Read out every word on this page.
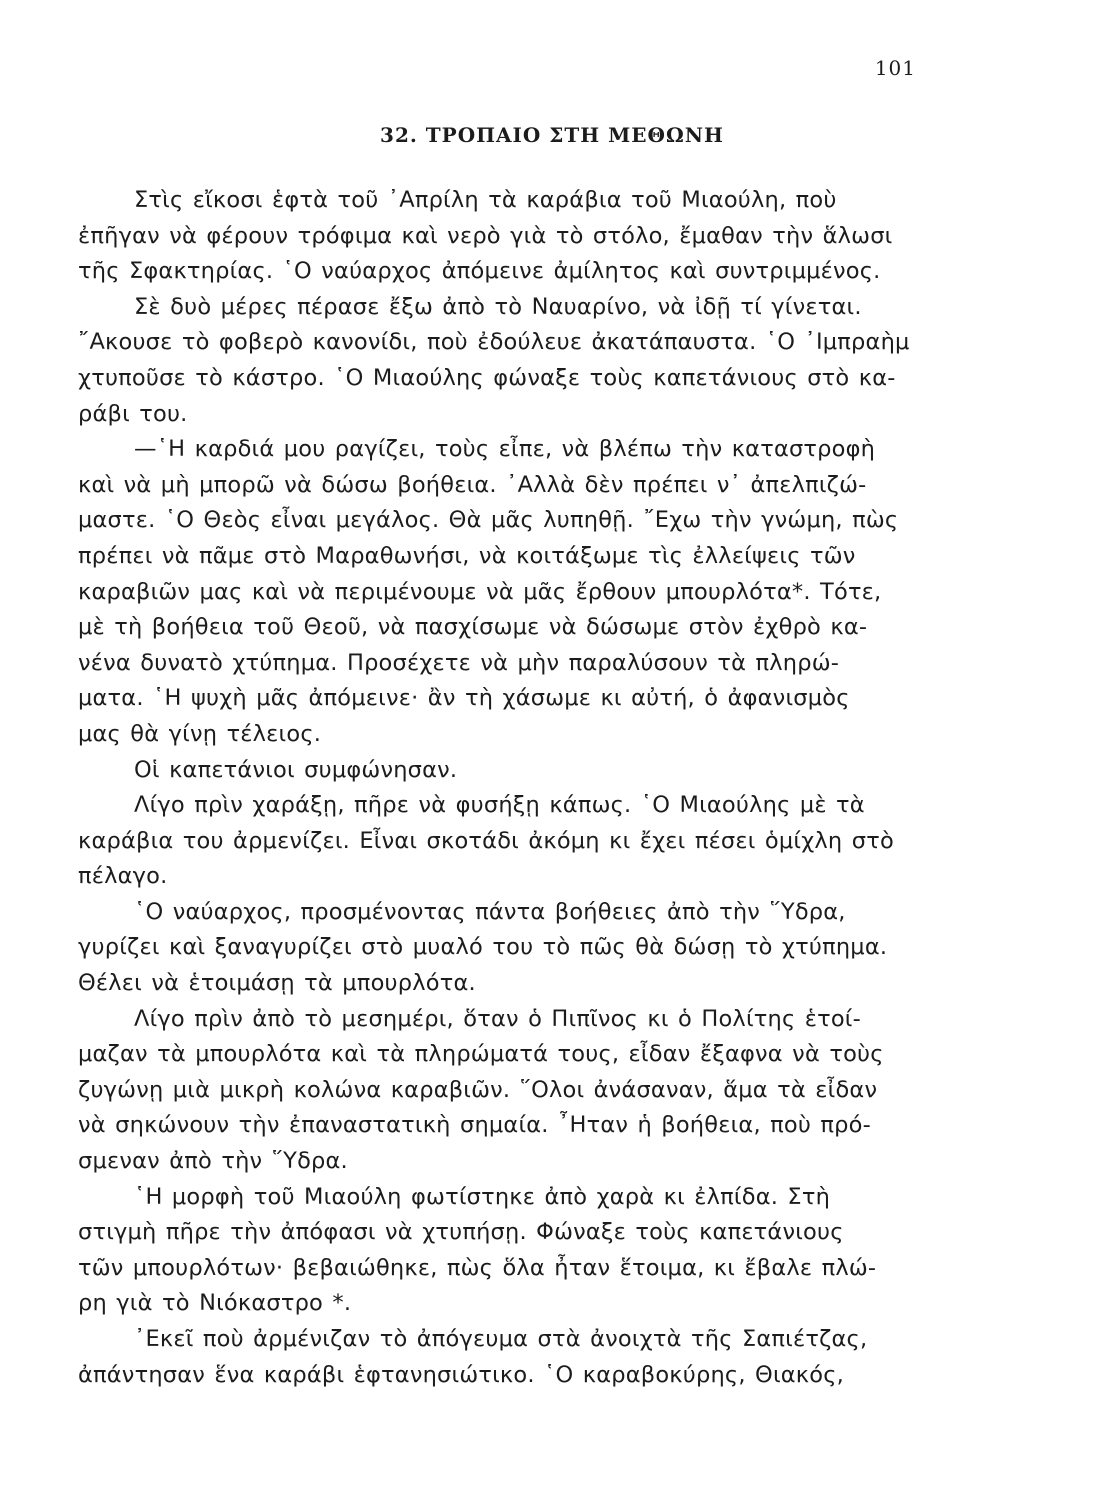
101
32. ΤΡΟΠΑΙΟ ΣΤΗ ΜΕΘΩΝΗ
Στὶς εἴκοσι ἑφτὰ τοῦ ᾽Απρίλη τὰ καράβια τοῦ Μιαούλη, ποὺ
ἐπῆγαν νὰ φέρουν τρόφιμα καὶ νερὸ γιὰ τὸ στόλο, ἔμαθαν τὴν ἅλωσι
τῆς Σφακτηρίας. ῾Ο ναύαρχος ἀπόμεινε ἀμίλητος καὶ συντριμμένος.
Σὲ δυὸ μέρες πέρασε ἔξω ἀπὸ τὸ Ναυαρίνο, νὰ ἰδῇ τί γίνεται.
῎Ακουσε τὸ φοβερὸ κανονίδι, ποὺ ἐδούλευε ἀκατάπαυστα. ῾Ο ᾽Ιμπραὴμ
χτυποῦσε τὸ κάστρο. ῾Ο Μιαούλης φώναξε τοὺς καπετάνιους στὸ κα-
ράβι του.
—῾Η καρδιά μου ραγίζει, τοὺς εἶπε, νὰ βλέπω τὴν καταστροφὴ
καὶ νὰ μὴ μπορῶ νὰ δώσω βοήθεια. ᾽Αλλὰ δὲν πρέπει ν᾽ ἀπελπιζώ-
μαστε. ῾Ο Θεὸς εἶναι μεγάλος. Θὰ μᾶς λυπηθῇ. ῎Εχω τὴν γνώμη, πὼς
πρέπει νὰ πᾶμε στὸ Μαραθωνήσι, νὰ κοιτάξωμε τὶς ἐλλείψεις τῶν
καραβιῶν μας καὶ νὰ περιμένουμε νὰ μᾶς ἔρθουν μπουρλότα*. Τότε,
μὲ τὴ βοήθεια τοῦ Θεοῦ, νὰ πασχίσωμε νὰ δώσωμε στὸν ἐχθρὸ κα-
νένα δυνατὸ χτύπημα. Προσέχετε νὰ μὴν παραλύσουν τὰ πληρώ-
ματα. ῾Η ψυχὴ μᾶς ἀπόμεινε· ἂν τὴ χάσωμε κι αὐτή, ὁ ἀφανισμὸς
μας θὰ γίνῃ τέλειος.
Οἱ καπετάνιοι συμφώνησαν.
Λίγο πρὶν χαράξῃ, πῆρε νὰ φυσήξῃ κάπως. ῾Ο Μιαούλης μὲ τὰ
καράβια του ἀρμενίζει. Εἶναι σκοτάδι ἀκόμη κι ἔχει πέσει ὁμίχλη στὸ
πέλαγο.
῾Ο ναύαρχος, προσμένοντας πάντα βοήθειες ἀπὸ τὴν ῞Υδρα,
γυρίζει καὶ ξαναγυρίζει στὸ μυαλό του τὸ πῶς θὰ δώσῃ τὸ χτύπημα.
Θέλει νὰ ἑτοιμάσῃ τὰ μπουρλότα.
Λίγο πρὶν ἀπὸ τὸ μεσημέρι, ὅταν ὁ Πιπῖνος κι ὁ Πολίτης ἑτοί-
μαζαν τὰ μπουρλότα καὶ τὰ πληρώματά τους, εἶδαν ἔξαφνα νὰ τοὺς
ζυγώνῃ μιὰ μικρὴ κολώνα καραβιῶν. ῞Ολοι ἀνάσαναν, ἅμα τὰ εἶδαν
νὰ σηκώνουν τὴν ἐπαναστατικὴ σημαία. ῏Ηταν ἡ βοήθεια, ποὺ πρό-
σμεναν ἀπὸ τὴν ῞Υδρα.
῾Η μορφὴ τοῦ Μιαούλη φωτίστηκε ἀπὸ χαρὰ κι ἐλπίδα. Στὴ
στιγμὴ πῆρε τὴν ἀπόφασι νὰ χτυπήσῃ. Φώναξε τοὺς καπετάνιους
τῶν μπουρλότων· βεβαιώθηκε, πὼς ὅλα ἦταν ἕτοιμα, κι ἔβαλε πλώ-
ρη γιὰ τὸ Νιόκαστρο *.
᾽Εκεῖ ποὺ ἀρμένιζαν τὸ ἀπόγευμα στὰ ἀνοιχτὰ τῆς Σαπιέτζας,
ἀπάντησαν ἕνα καράβι ἑφτανησιώτικο. ῾Ο καραβοκύρης, Θιακός,
